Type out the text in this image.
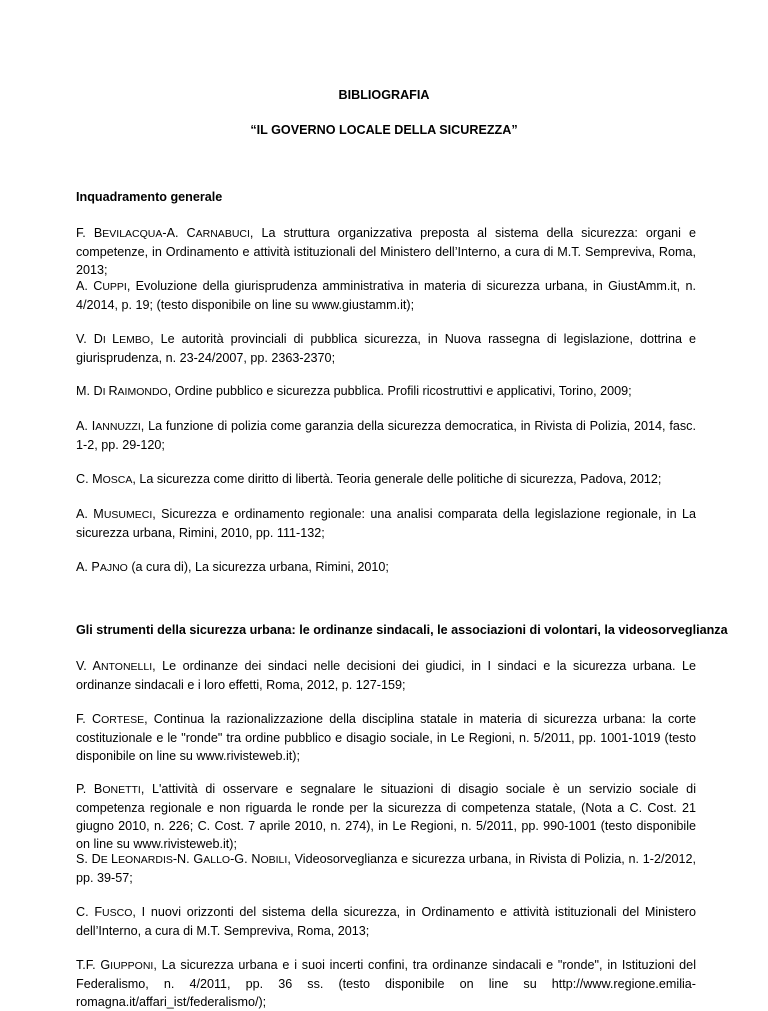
BIBLIOGRAFIA
“IL GOVERNO LOCALE DELLA SICUREZZA”
Inquadramento generale
F. BEVILACQUA-A. CARNABUCI, La struttura organizzativa preposta al sistema della sicurezza: organi e competenze, in Ordinamento e attività istituzionali del Ministero dell’Interno, a cura di M.T. Sempreviva, Roma, 2013;
A. CUPPI, Evoluzione della giurisprudenza amministrativa in materia di sicurezza urbana, in GiustAmm.it, n. 4/2014, p. 19; (testo disponibile on line su www.giustamm.it);
V. DI LEMBO, Le autorità provinciali di pubblica sicurezza, in Nuova rassegna di legislazione, dottrina e giurisprudenza, n. 23-24/2007, pp. 2363-2370;
M. DI RAIMONDO, Ordine pubblico e sicurezza pubblica. Profili ricostruttivi e applicativi, Torino, 2009;
A. IANNUZZI, La funzione di polizia come garanzia della sicurezza democratica, in Rivista di Polizia, 2014, fasc. 1-2, pp. 29-120;
C. MOSCA, La sicurezza come diritto di libertà. Teoria generale delle politiche di sicurezza, Padova, 2012;
A. MUSUMECI, Sicurezza e ordinamento regionale: una analisi comparata della legislazione regionale, in La sicurezza urbana, Rimini, 2010, pp. 111-132;
A. PAJNO (a cura di), La sicurezza urbana, Rimini, 2010;
Gli strumenti della sicurezza urbana: le ordinanze sindacali, le associazioni di volontari, la videosorveglianza
V. ANTONELLI, Le ordinanze dei sindaci nelle decisioni dei giudici, in I sindaci e la sicurezza urbana. Le ordinanze sindacali e i loro effetti, Roma, 2012, p. 127-159;
F. CORTESE, Continua la razionalizzazione della disciplina statale in materia di sicurezza urbana: la corte costituzionale e le "ronde" tra ordine pubblico e disagio sociale, in Le Regioni, n. 5/2011, pp. 1001-1019 (testo disponibile on line su www.rivisteweb.it);
P. BONETTI, L'attività di osservare e segnalare le situazioni di disagio sociale è un servizio sociale di competenza regionale e non riguarda le ronde per la sicurezza di competenza statale, (Nota a C. Cost. 21 giugno 2010, n. 226; C. Cost. 7 aprile 2010, n. 274), in Le Regioni, n. 5/2011, pp. 990-1001 (testo disponibile on line su www.rivisteweb.it);
S. DE LEONARDIS-N. GALLO-G. NOBILI, Videosorveglianza e sicurezza urbana, in Rivista di Polizia, n. 1-2/2012, pp. 39-57;
C. FUSCO, I nuovi orizzonti del sistema della sicurezza, in Ordinamento e attività istituzionali del Ministero dell’Interno, a cura di M.T. Sempreviva, Roma, 2013;
T.F. GIUPPONI, La sicurezza urbana e i suoi incerti confini, tra ordinanze sindacali e "ronde", in Istituzioni del Federalismo, n. 4/2011, pp. 36 ss. (testo disponibile on line su http://www.regione.emilia-romagna.it/affari_ist/federalismo/);
